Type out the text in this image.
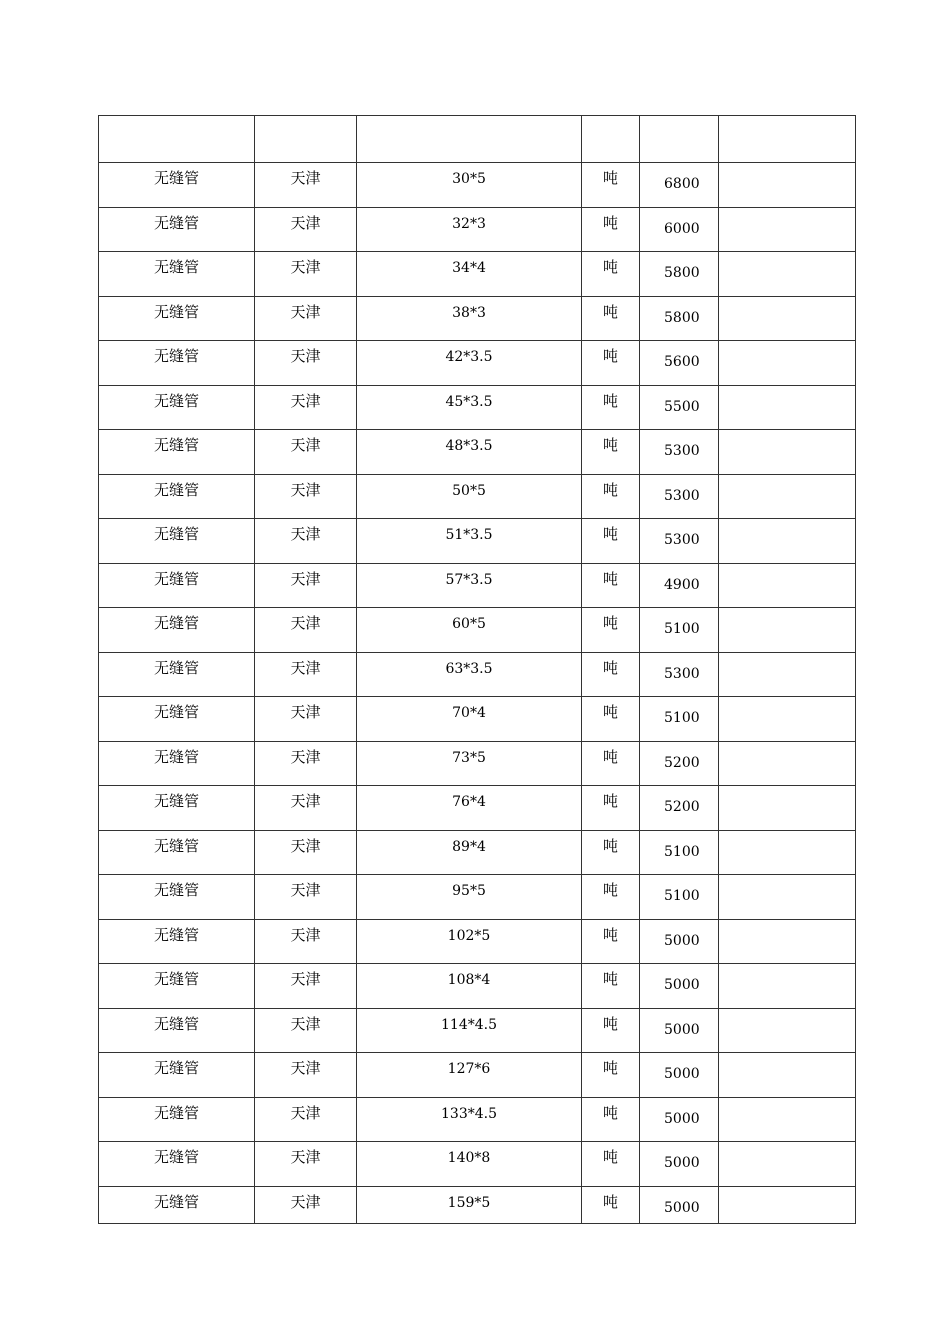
无缝管	天津	30*5	吨	6800	
无缝管	天津	32*3	吨	6000	
无缝管	天津	34*4	吨	5800	
无缝管	天津	38*3	吨	5800	
无缝管	天津	42*3.5	吨	5600	
无缝管	天津	45*3.5	吨	5500	
无缝管	天津	48*3.5	吨	5300	
无缝管	天津	50*5	吨	5300	
无缝管	天津	51*3.5	吨	5300	
无缝管	天津	57*3.5	吨	4900	
无缝管	天津	60*5	吨	5100	
无缝管	天津	63*3.5	吨	5300	
无缝管	天津	70*4	吨	5100	
无缝管	天津	73*5	吨	5200	
无缝管	天津	76*4	吨	5200	
无缝管	天津	89*4	吨	5100	
无缝管	天津	95*5	吨	5100	
无缝管	天津	102*5	吨	5000	
无缝管	天津	108*4	吨	5000	
无缝管	天津	114*4.5	吨	5000	
无缝管	天津	127*6	吨	5000	
无缝管	天津	133*4.5	吨	5000	
无缝管	天津	140*8	吨	5000	
无缝管	天津	159*5	吨	5000	
